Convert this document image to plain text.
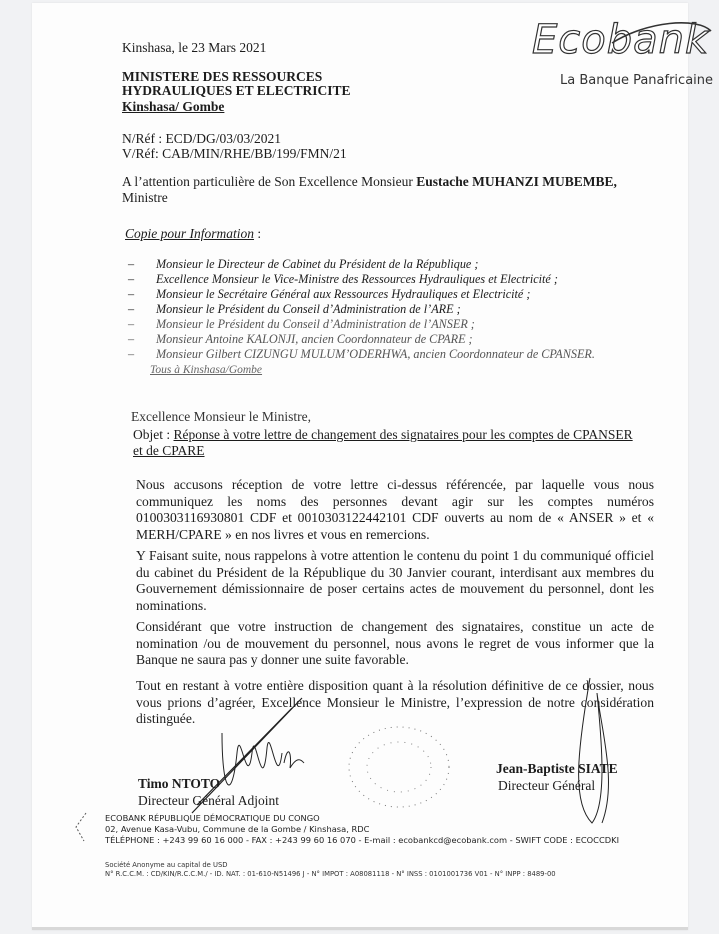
Ecobank
La Banque Panafricaine
Kinshasa, le 23 Mars 2021
MINISTERE DES RESSOURCES
HYDRAULIQUES ET ELECTRICITE
Kinshasa/ Gombe
N/Réf : ECD/DG/03/03/2021
V/Réf: CAB/MIN/RHE/BB/199/FMN/21
A l’attention particulière de Son Excellence Monsieur Eustache MUHANZI MUBEMBE,
Ministre
Copie pour Information :
– Monsieur le Directeur de Cabinet du Président de la République ;
– Excellence Monsieur le Vice-Ministre des Ressources Hydrauliques et Electricité ;
– Monsieur le Secrétaire Général aux Ressources Hydrauliques et Electricité ;
– Monsieur le Président du Conseil d’Administration de l’ARE ;
– Monsieur le Président du Conseil d’Administration de l’ANSER ;
– Monsieur Antoine KALONJI, ancien Coordonnateur de CPARE ;
– Monsieur Gilbert CIZUNGU MULUM’ODERHWA, ancien Coordonnateur de CPANSER.
Tous à Kinshasa/Gombe
Excellence Monsieur le Ministre,
Objet : Réponse à votre lettre de changement des signataires pour les comptes de CPANSER
et de CPARE

Nous accusons réception de votre lettre ci-dessus référencée, par laquelle vous nous communiquez les noms des personnes devant agir sur les comptes numéros 0100303116930801 CDF et 0010303122442101 CDF ouverts au nom de « ANSER » et « MERH/CPARE » en nos livres et vous en remercions.

Y Faisant suite, nous rappelons à votre attention le contenu du point 1 du communiqué officiel du cabinet du Président de la République du 30 Janvier courant, interdisant aux membres du Gouvernement démissionnaire de poser certains actes de mouvement du personnel, dont les nominations.

Considérant que votre instruction de changement des signataires, constitue un acte de nomination /ou de mouvement du personnel, nous avons le regret de vous informer que la Banque ne saura pas y donner une suite favorable.

Tout en restant à votre entière disposition quant à la résolution définitive de ce dossier, nous vous prions d’agréer, Excellence Monsieur le Ministre, l’expression de notre considération distinguée.

Timo NTOTO
Directeur Général Adjoint
Jean-Baptiste SIATE
Directeur Général
ECOBANK RÉPUBLIQUE DÉMOCRATIQUE DU CONGO
02, Avenue Kasa-Vubu, Commune de la Gombe / Kinshasa, RDC
TÉLÉPHONE : +243 99 60 16 000 - FAX : +243 99 60 16 070 - E-mail : ecobankcd@ecobank.com - SWIFT CODE : ECOCCDKI
Société Anonyme au capital de USD
N° R.C.C.M. : CD/KIN/R.C.C.M./ - ID. NAT. : 01-610-N51496 J - N° IMPOT : A08081118 - N° INSS : 0101001736 V01 - N° INPP : 8489-00
